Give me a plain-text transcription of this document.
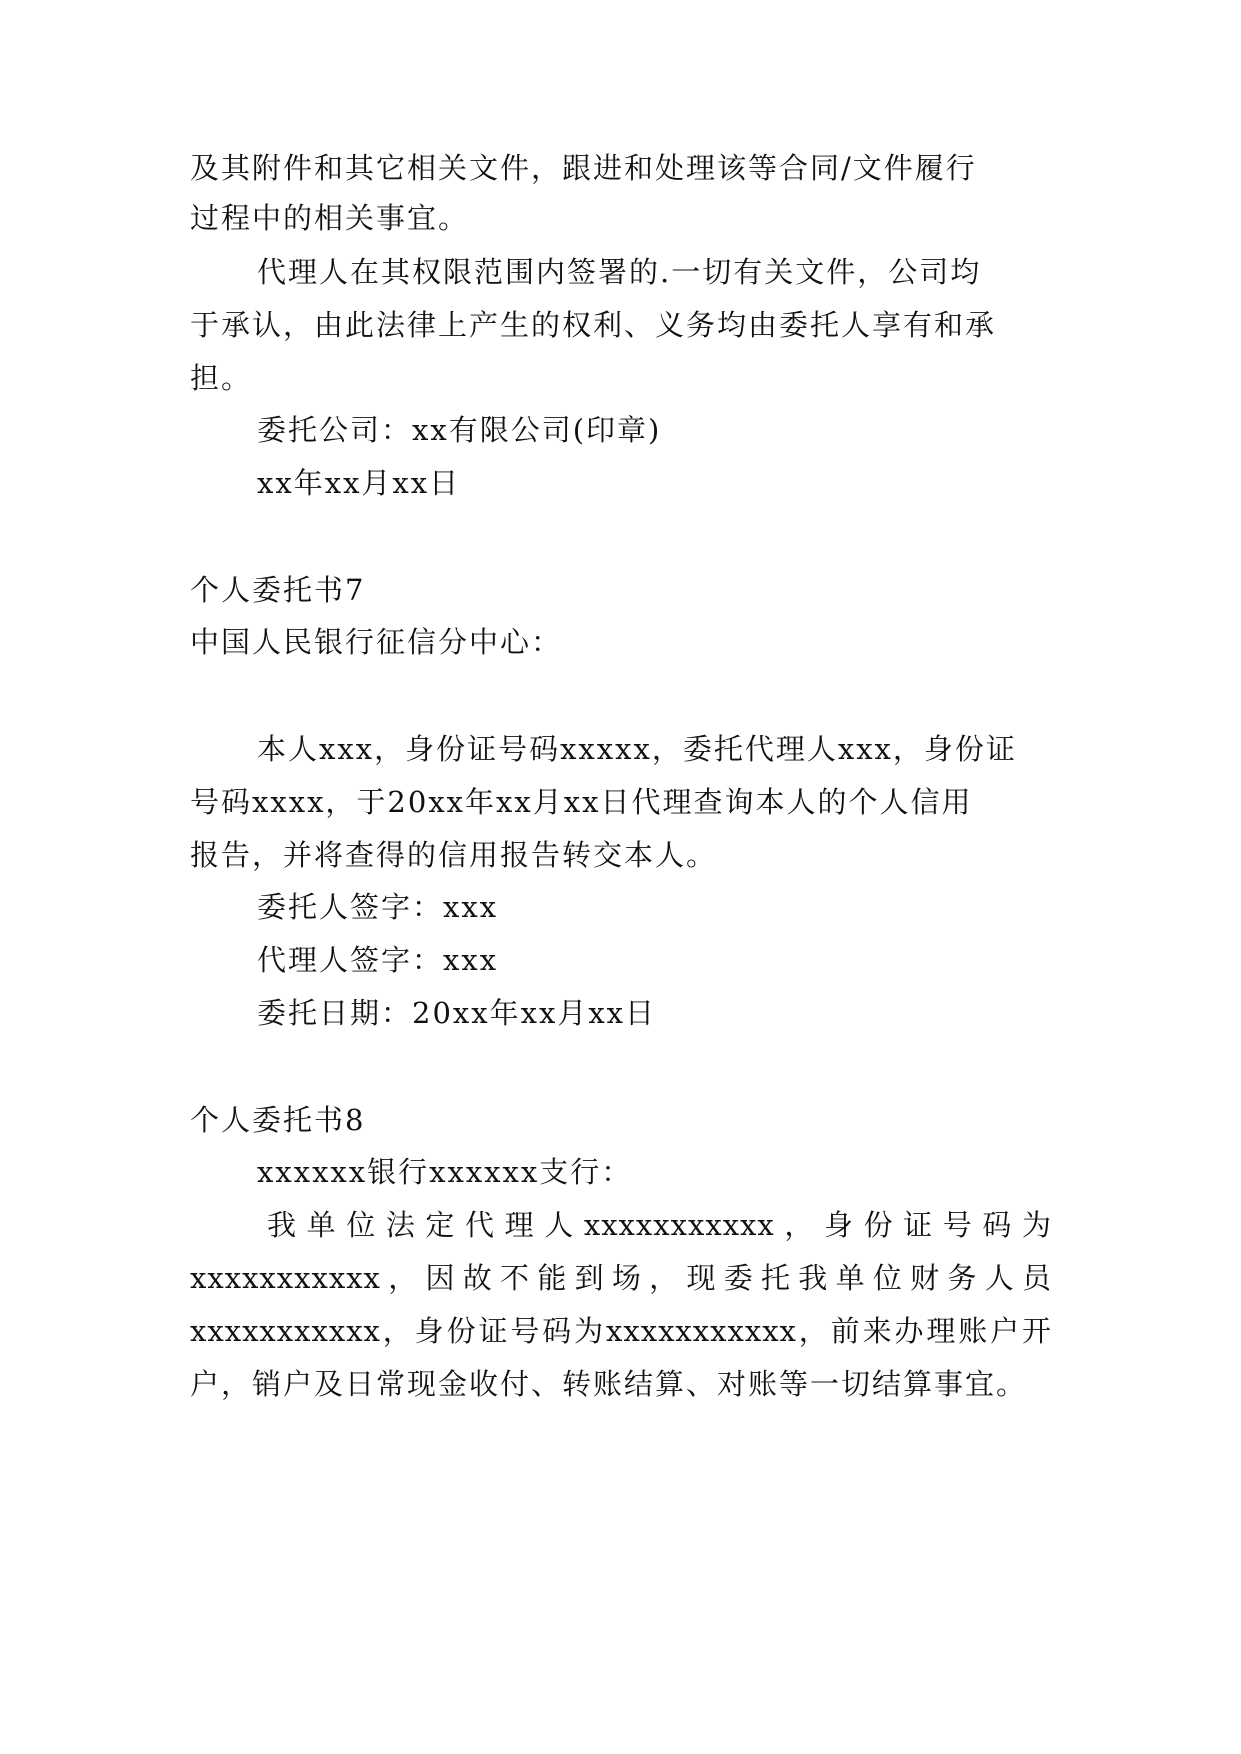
及其附件和其它相关文件，跟进和处理该等合同/文件履行
过程中的相关事宜。
代理人在其权限范围内签署的.一切有关文件，公司均
于承认，由此法律上产生的权利、义务均由委托人享有和承
担。
委托公司：xx有限公司(印章)
xx年xx月xx日
个人委托书7
中国人民银行征信分中心：
本人xxx，身份证号码xxxxx，委托代理人xxx，身份证
号码xxxx，于20xx年xx月xx日代理查询本人的个人信用
报告，并将查得的信用报告转交本人。
委托人签字：xxx
代理人签字：xxx
委托日期：20xx年xx月xx日
个人委托书8
xxxxxx银行xxxxxx支行：
我单位法定代理人xxxxxxxxxxx，身份证号码为
xxxxxxxxxxx，因故不能到场，现委托我单位财务人员
xxxxxxxxxxx，身份证号码为xxxxxxxxxxx，前来办理账户开
户，销户及日常现金收付、转账结算、对账等一切结算事宜。
